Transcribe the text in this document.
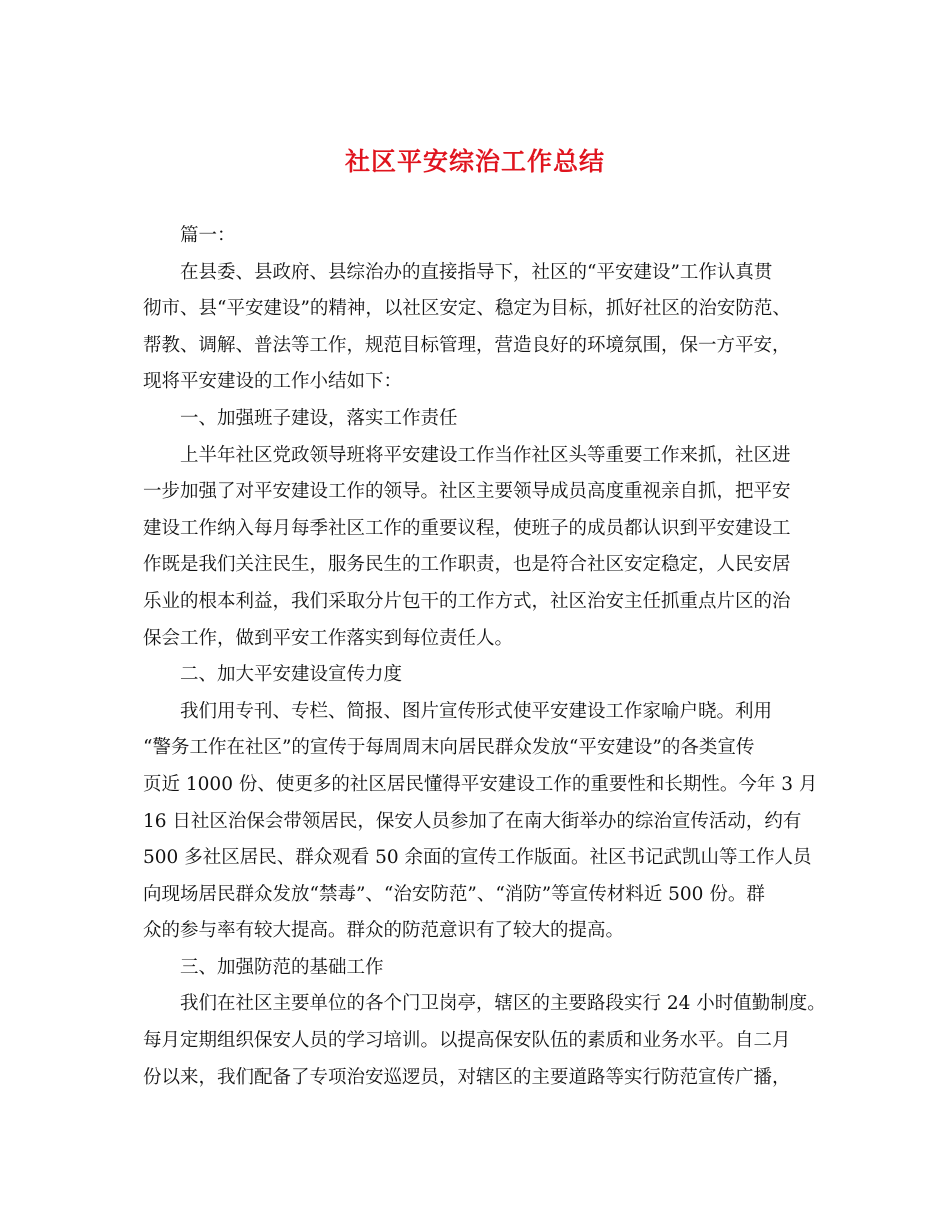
社区平安综治工作总结
篇一：
在县委、县政府、县综治办的直接指导下，社区的“平安建设”工作认真贯
彻市、县“平安建设”的精神，以社区安定、稳定为目标，抓好社区的治安防范、
帮教、调解、普法等工作，规范目标管理，营造良好的环境氛围，保一方平安，
现将平安建设的工作小结如下：
一、加强班子建设，落实工作责任
上半年社区党政领导班将平安建设工作当作社区头等重要工作来抓，社区进
一步加强了对平安建设工作的领导。社区主要领导成员高度重视亲自抓，把平安
建设工作纳入每月每季社区工作的重要议程，使班子的成员都认识到平安建设工
作既是我们关注民生，服务民生的工作职责，也是符合社区安定稳定，人民安居
乐业的根本利益，我们采取分片包干的工作方式，社区治安主任抓重点片区的治
保会工作，做到平安工作落实到每位责任人。
二、加大平安建设宣传力度
我们用专刊、专栏、简报、图片宣传形式使平安建设工作家喻户晓。利用
“警务工作在社区”的宣传于每周周末向居民群众发放“平安建设”的各类宣传
页近 1000 份、使更多的社区居民懂得平安建设工作的重要性和长期性。今年 3 月
16 日社区治保会带领居民，保安人员参加了在南大街举办的综治宣传活动，约有
500 多社区居民、群众观看 50 余面的宣传工作版面。社区书记武凯山等工作人员
向现场居民群众发放“禁毒”、“治安防范”、“消防”等宣传材料近 500 份。群
众的参与率有较大提高。群众的防范意识有了较大的提高。
三、加强防范的基础工作
我们在社区主要单位的各个门卫岗亭，辖区的主要路段实行 24 小时值勤制度。
每月定期组织保安人员的学习培训。以提高保安队伍的素质和业务水平。自二月
份以来，我们配备了专项治安巡逻员，对辖区的主要道路等实行防范宣传广播，
